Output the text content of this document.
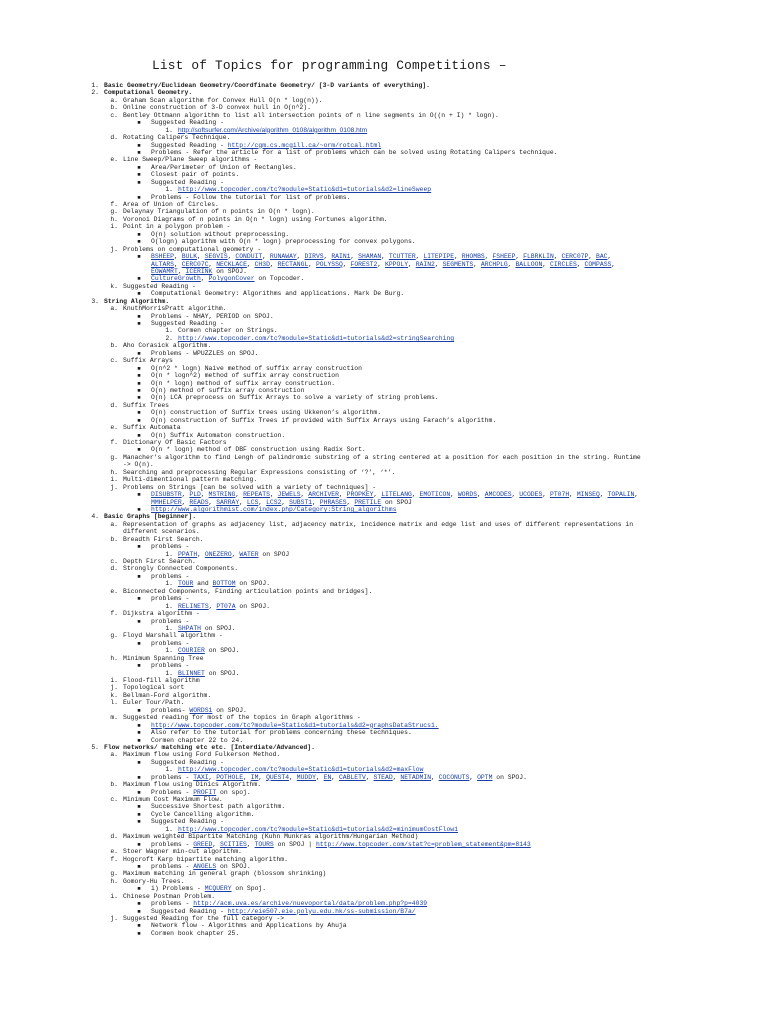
List of Topics for programming Competitions –
1. Basic Geometry/Euclidean Geometry/Coordfinate Geometry/ [3-D variants of everything].
2. Computational Geometry.
a. Graham Scan algorithm for Convex Hull O(n * log(n)).
b. Online construction of 3-D convex hull in O(n^2).
c. Bentley Ottmann algorithm to list all intersection points of n line segments in O((n + I) * logn).
■ Suggested Reading -
1. http://softsurfer.com/Archive/algorithm_0108/algorithm_0108.htm
d. Rotating Calipers Technique.
■ Suggested Reading - http://cgm.cs.mcgill.ca/~orm/rotcal.html
■ Problems - Refer the article for a list of problems which can be solved using Rotating Calipers technique.
e. Line Sweep/Plane Sweep algorithms -
■ Area/Perimeter of Union of Rectangles.
■ Closest pair of points.
■ Suggested Reading -
1. http://www.topcoder.com/tc?module=Static&d1=tutorials&d2=lineSweep
■ Problems - Follow the tutorial for list of problems.
f. Area of Union of Circles.
g. Delaynay Triangulation of n points in O(n * logn).
h. Voronoi Diagrams of n points in O(n * logn) using Fortunes algorithm.
i. Point in a polygon problem -
■ O(n) solution without preprocessing.
■ O(logn) algorithm with O(n * logn) preprocessing for convex polygons.
j. Problems on computational geometry -
■ BSHEEP, BULK, SEGVIS, CONDUIT, RUNAWAY, DIRVS, RAIN1, SHAMAN, TCUTTER, LITEPIPE, RHOMBS, FSHEEP, FLBRKLIN, CERC07P, BAC,
ALTARS, CERC07C, NECKLACE, CH3D, RECTANGL, POLYSSQ, FOREST2, KPPOLY, RAIN2, SEGMENTS, ARCHPLG, BALLOON, CIRCLES, COMPASS,
EOWAMRT, ICERINK on SPOJ.
■ CultureGrowth, PolygonCover on Topcoder.
k. Suggested Reading -
■ Computational Geometry: Algorithms and applications. Mark De Burg.
3. String Algorithm.
a. KnuthMorrisPratt algorithm.
■ Problems - NHAY, PERIOD on SPOJ.
■ Suggested Reading -
1. Cormen chapter on Strings.
2. http://www.topcoder.com/tc?module=Static&d1=tutorials&d2=stringSearching
b. Aho Corasick algorithm.
■ Problems - WPUZZLES on SPOJ.
c. Suffix Arrays
■ O(n^2 * logn) Naive method of suffix array construction
■ O(n * logn^2) method of suffix array construction
■ O(n * logn) method of suffix array construction.
■ O(n) method of suffix array construction
■ O(n) LCA preprocess on Suffix Arrays to solve a variety of string problems.
d. Suffix Trees
■ O(n) construction of Suffix trees using Ukkenon’s algorithm.
■ O(n) construction of Suffix Trees if provided with Suffix Arrays using Farach’s algorithm.
e. Suffix Automata
■ O(n) Suffix Automaton construction.
f. Dictionary Of Basic Factors
■ O(n * logn) method of DBF construction using Radix Sort.
g. Manacher’s algorithm to find Lengh of palindromic substring of a string centered at a position for each position in the string. Runtime
-> O(n).
h. Searching and preprocessing Regular Expressions consisting of ‘?’, ‘*’.
i. Multi-dimentional pattern matching.
j. Problems on Strings [can be solved with a variety of techniques] -
■ DISUBSTR, PLD, MSTRING, REPEATS, JEWELS, ARCHIVER, PROPKEY, LITELANG, EMOTICON, WORDS, AMCODES, UCODES, PT07H, MINSEQ, TOPALIN,
MMHELPER, READS, SARRAY, LCS, LCS2, SUBST1, PHRASES, PRETILE on SPOJ
■ http://www.algorithmist.com/index.php/Category:String_algorithms
4. Basic Graphs [beginner].
a. Representation of graphs as adjacency list, adjacency matrix, incidence matrix and edge list and uses of different representations in
different scenarios.
b. Breadth First Search.
■ problems -
1. PPATH, ONEZERO, WATER on SPOJ
c. Depth First Search.
d. Strongly Connected Components.
■ problems -
1. TOUR and BOTTOM on SPOJ.
e. Biconnected Components, Finding articulation points and bridges].
■ problems -
1. RELINETS, PT07A on SPOJ.
f. Dijkstra algorithm -
■ problems -
1. SHPATH on SPOJ.
g. Floyd Warshall algorithm -
■ problems -
1. COURIER on SPOJ.
h. Minimum Spanning Tree
■ problems -
1. BLINNET on SPOJ.
i. Flood-fill algorithm
j. Topological sort
k. Bellman-Ford algorithm.
l. Euler Tour/Path.
■ problems- WORDS1 on SPOJ.
m. Suggested reading for most of the topics in Graph algorithms -
■ http://www.topcoder.com/tc?module=Static&d1=tutorials&d2=graphsDataStrucs1.
■ Also refer to the tutorial for problems concerning these techniques.
■ Cormen chapter 22 to 24.
5. Flow networks/ matching etc etc. [Interdiate/Advanced].
a. Maximum flow using Ford Fulkerson Method.
■ Suggested Reading -
1. http://www.topcoder.com/tc?module=Static&d1=tutorials&d2=maxFlow
■ problems - TAXI, POTHOLE, IM, QUEST4, MUDDY, EN, CABLETV, STEAD, NETADMIN, COCONUTS, OPTM on SPOJ.
b. Maximum flow using Dinics Algorithm.
■ Problems - PROFIT on spoj.
c. Minimum Cost Maximum Flow.
■ Successive Shortest path algorithm.
■ Cycle Cancelling algorithm.
■ Suggested Reading -
1. http://www.topcoder.com/tc?module=Static&d1=tutorials&d2=minimumCostFlow1
d. Maximum weighted Bipartite Matching (Kuhn Munkras algorithm/Hungarian Method)
■ problems - GREED, SCITIES, TOURS on SPOJ | http://www.topcoder.com/stat?c=problem_statement&pm=8143
e. Stoer Wagner min-cut algorithm.
f. Hogcroft Karp bipartite matching algorithm.
■ problems - ANGELS on SPOJ.
g. Maximum matching in general graph (blossom shrinking)
h. Gomory-Hu Trees.
■ i) Problems - MCQUERY on Spoj.
i. Chinese Postman Problem.
■ problems - http://acm.uva.es/archive/nuevoportal/data/problem.php?p=4039
■ Suggested Reading - http://eie507.eie.polyu.edu.hk/ss-submission/B7a/
j. Suggested Reading for the full category ->
■ Network flow - Algorithms and Applications by Ahuja
■ Cormen book chapter 25.
